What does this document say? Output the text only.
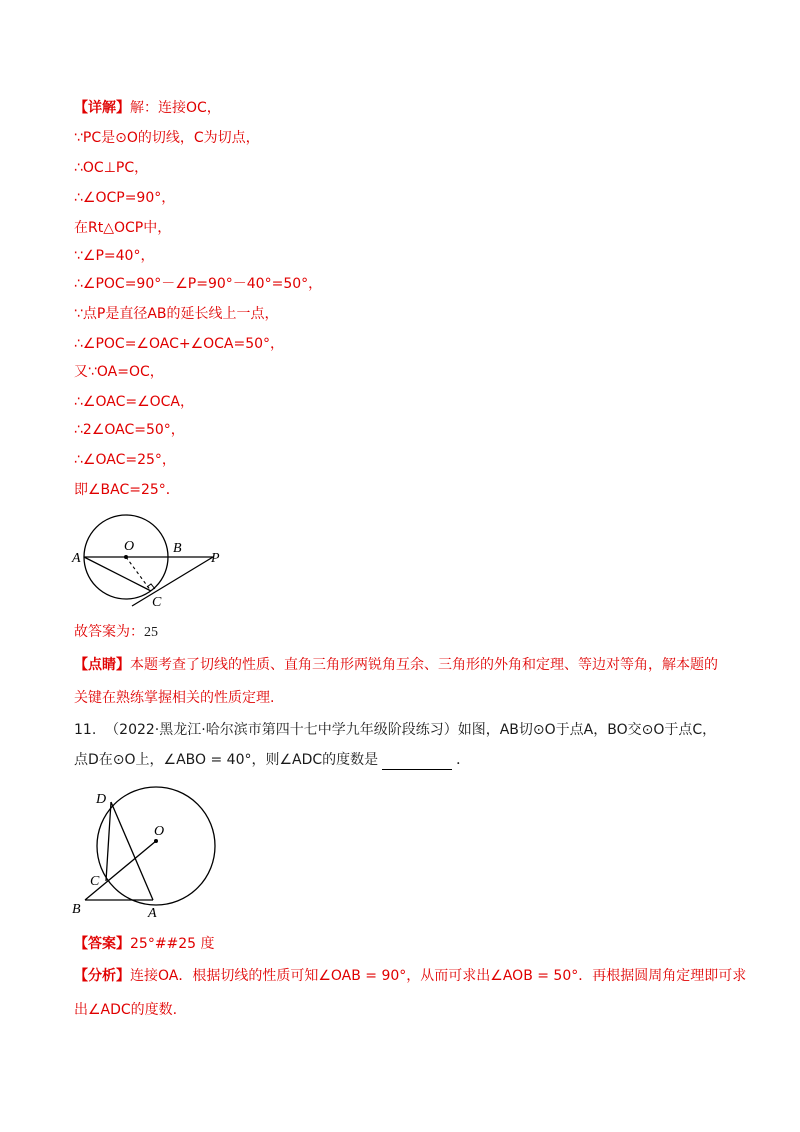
【详解】解：连接OC，
∵PC是⊙O的切线，C为切点，
∴OC⊥PC，
∴∠OCP=90°，
在Rt△OCP中，
∵∠P=40°，
∴∠POC=90°－∠P=90°－40°=50°，
∵点P是直径AB的延长线上一点，
∴∠POC=∠OAC+∠OCA=50°，
又∵OA=OC，
∴∠OAC=∠OCA，
∴2∠OAC=50°，
∴∠OAC=25°，
即∠BAC=25°．
A
O	B
P
C
故答案为：25
【点睛】本题考查了切线的性质、直角三角形两锐角互余、三角形的外角和定理、等边对等角，解本题的
关键在熟练掌握相关的性质定理.
11. （2022·黑龙江·哈尔滨市第四十七中学九年级阶段练习）如图，AB切⊙O于点A，BO交⊙O于点C，
点D在⊙O上，∠ABO = 40°，则∠ADC的度数是	．
D
O
C
B	A
【答案】25°##25 度
【分析】连接OA．根据切线的性质可知∠OAB = 90°，从而可求出∠AOB = 50°．再根据圆周角定理即可求
出∠ADC的度数.
